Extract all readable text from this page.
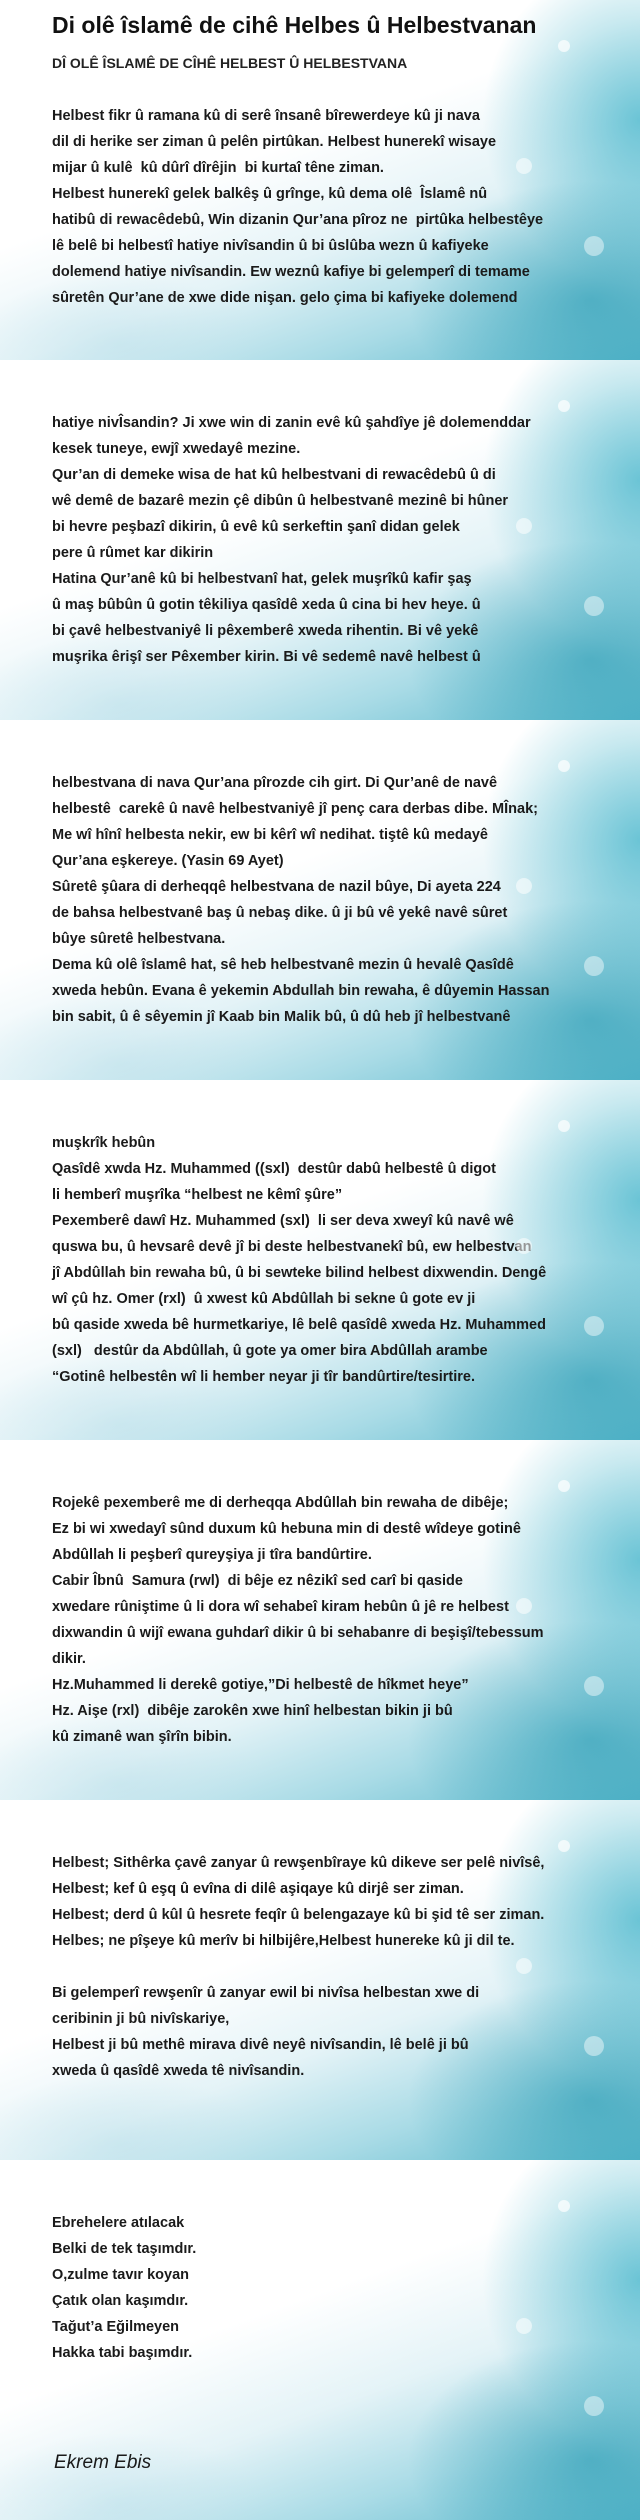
Di olê îslamê de cihê Helbes û Helbestvanan
DÎ OLÊ ÎSLAMÊ DE CÎHÊ HELBEST Û HELBESTVANA
Helbest fikr û ramana kû di serê însanê bîrewerdeye kû ji nava
dil di herike ser ziman û pelên pirtûkan. Helbest hunerekî wisaye
mijar û kulê  kû dûrî dîrêjin  bi kurtaî têne ziman.
Helbest hunerekî gelek balkêş û grînge, kû dema olê  Îslamê nû
hatibû di rewacêdebû, Win dizanin Qur’ana pîroz ne  pirtûka helbestêye
lê belê bi helbestî hatiye nivîsandin û bi ûslûba wezn û kafiyeke
dolemend hatiye nivîsandin. Ew weznû kafiye bi gelemperî di temame
sûretên Qur’ane de xwe dide nişan. gelo çima bi kafiyeke dolemend
hatiye nivÎsandin? Ji xwe win di zanin evê kû şahdîye jê dolemenddar
kesek tuneye, ewjî xwedayê mezine.
Qur’an di demeke wisa de hat kû helbestvani di rewacêdebû û di
wê demê de bazarê mezin çê dibûn û helbestvanê mezinê bi hûner
bi hevre peşbazî dikirin, û evê kû serkeftin şanî didan gelek
pere û rûmet kar dikirin
Hatina Qur’anê kû bi helbestvanî hat, gelek muşrîkû kafir şaş
û maş bûbûn û gotin têkiliya qasîdê xeda û cina bi hev heye. û
bi çavê helbestvaniyê li pêxemberê xweda rihentin. Bi vê yekê
muşrika êrişî ser Pêxember kirin. Bi vê sedemê navê helbest û
helbestvana di nava Qur’ana pîrozde cih girt. Di Qur’anê de navê
helbestê  carekê û navê helbestvaniyê jî penç cara derbas dibe. MÎnak;
Me wî hînî helbesta nekir, ew bi kêrî wî nedihat. tiştê kû medayê
Qur’ana eşkereye. (Yasin 69 Ayet)
Sûretê şûara di derheqqê helbestvana de nazil bûye, Di ayeta 224
de bahsa helbestvanê baş û nebaş dike. û ji bû vê yekê navê sûret
bûye sûretê helbestvana.
Dema kû olê îslamê hat, sê heb helbestvanê mezin û hevalê Qasîdê
xweda hebûn. Evana ê yekemin Abdullah bin rewaha, ê dûyemin Hassan
bin sabit, û ê sêyemin jî Kaab bin Malik bû, û dû heb jî helbestvanê
muşkrîk hebûn
Qasîdê xwda Hz. Muhammed ((sxl)  destûr dabû helbestê û digot
li hemberî muşrîka “helbest ne kêmî şûre”
Pexemberê dawî Hz. Muhammed (sxl)  li ser deva xweyî kû navê wê
quswa bu, û hevsarê devê jî bi deste helbestvanekî bû, ew helbestvan
jî Abdûllah bin rewaha bû, û bi sewteke bilind helbest dixwendin. Dengê
wî çû hz. Omer (rxl)  û xwest kû Abdûllah bi sekne û gote ev ji
bû qaside xweda bê hurmetkariye, lê belê qasîdê xweda Hz. Muhammed
(sxl)   destûr da Abdûllah, û gote ya omer bira Abdûllah arambe
“Gotinê helbestên wî li hember neyar ji tîr bandûrtire/tesirtire.
Rojekê pexemberê me di derheqqa Abdûllah bin rewaha de dibêje;
Ez bi wi xwedayî sûnd duxum kû hebuna min di destê wîdeye gotinê
Abdûllah li peşberî qureyşiya ji tîra bandûrtire.
Cabir Îbnû  Samura (rwl)  di bêje ez nêzikî sed carî bi qaside
xwedare rûniştime û li dora wî sehabeî kiram hebûn û jê re helbest
dixwandin û wijî ewana guhdarî dikir û bi sehabanre di beşişî/tebessum
dikir.
Hz.Muhammed li derekê gotiye,”Di helbestê de hîkmet heye”
Hz. Aişe (rxl)  dibêje zarokên xwe hinî helbestan bikin ji bû
kû zimanê wan şîrîn bibin.
Helbest; Sithêrka çavê zanyar û rewşenbîraye kû dikeve ser pelê nivîsê,
Helbest; kef û eşq û evîna di dilê aşiqaye kû dirjê ser ziman.
Helbest; derd û kûl û hesrete feqîr û belengazaye kû bi şid tê ser ziman.
Helbes; ne pîşeye kû merîv bi hilbijêre,Helbest hunereke kû ji dil te.
Bi gelemperî rewşenîr û zanyar ewil bi nivîsa helbestan xwe di
ceribinin ji bû nivîskariye,
Helbest ji bû methê mirava divê neyê nivîsandin, lê belê ji bû
xweda û qasîdê xweda tê nivîsandin.
Ebrehelere atılacak
Belki de tek taşımdır.
O,zulme tavır koyan
Çatık olan kaşımdır.
Tağut’a Eğilmeyen
Hakka tabi başımdır.

Ekrem Ebis
